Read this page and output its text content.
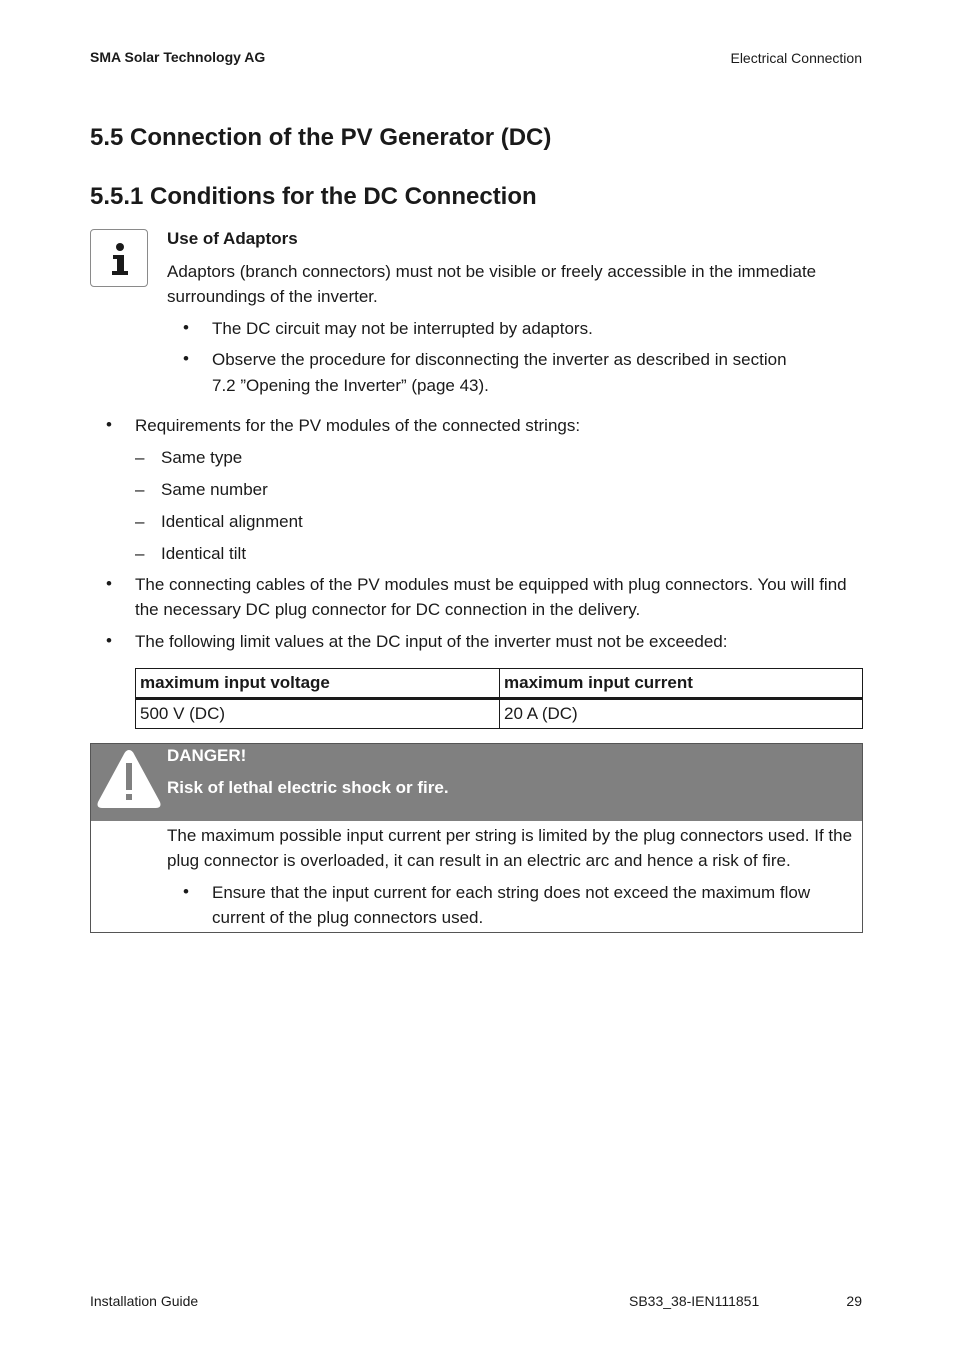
SMA Solar Technology AG	Electrical Connection
5.5 Connection of the PV Generator (DC)
5.5.1 Conditions for the DC Connection
Use of Adaptors
Adaptors (branch connectors) must not be visible or freely accessible in the immediate
surroundings of the inverter.
• The DC circuit may not be interrupted by adaptors.
• Observe the procedure for disconnecting the inverter as described in section
7.2 ”Opening the Inverter” (page 43).
• Requirements for the PV modules of the connected strings:
– Same type
– Same number
– Identical alignment
– Identical tilt
• The connecting cables of the PV modules must be equipped with plug connectors. You will find
the necessary DC plug connector for DC connection in the delivery.
• The following limit values at the DC input of the inverter must not be exceeded:
maximum input voltage	maximum input current
500 V (DC)	20 A (DC)
DANGER!
Risk of lethal electric shock or fire.
The maximum possible input current per string is limited by the plug connectors used. If the
plug connector is overloaded, it can result in an electric arc and hence a risk of fire.
• Ensure that the input current for each string does not exceed the maximum flow
current of the plug connectors used.
Installation Guide	SB33_38-IEN111851	29
